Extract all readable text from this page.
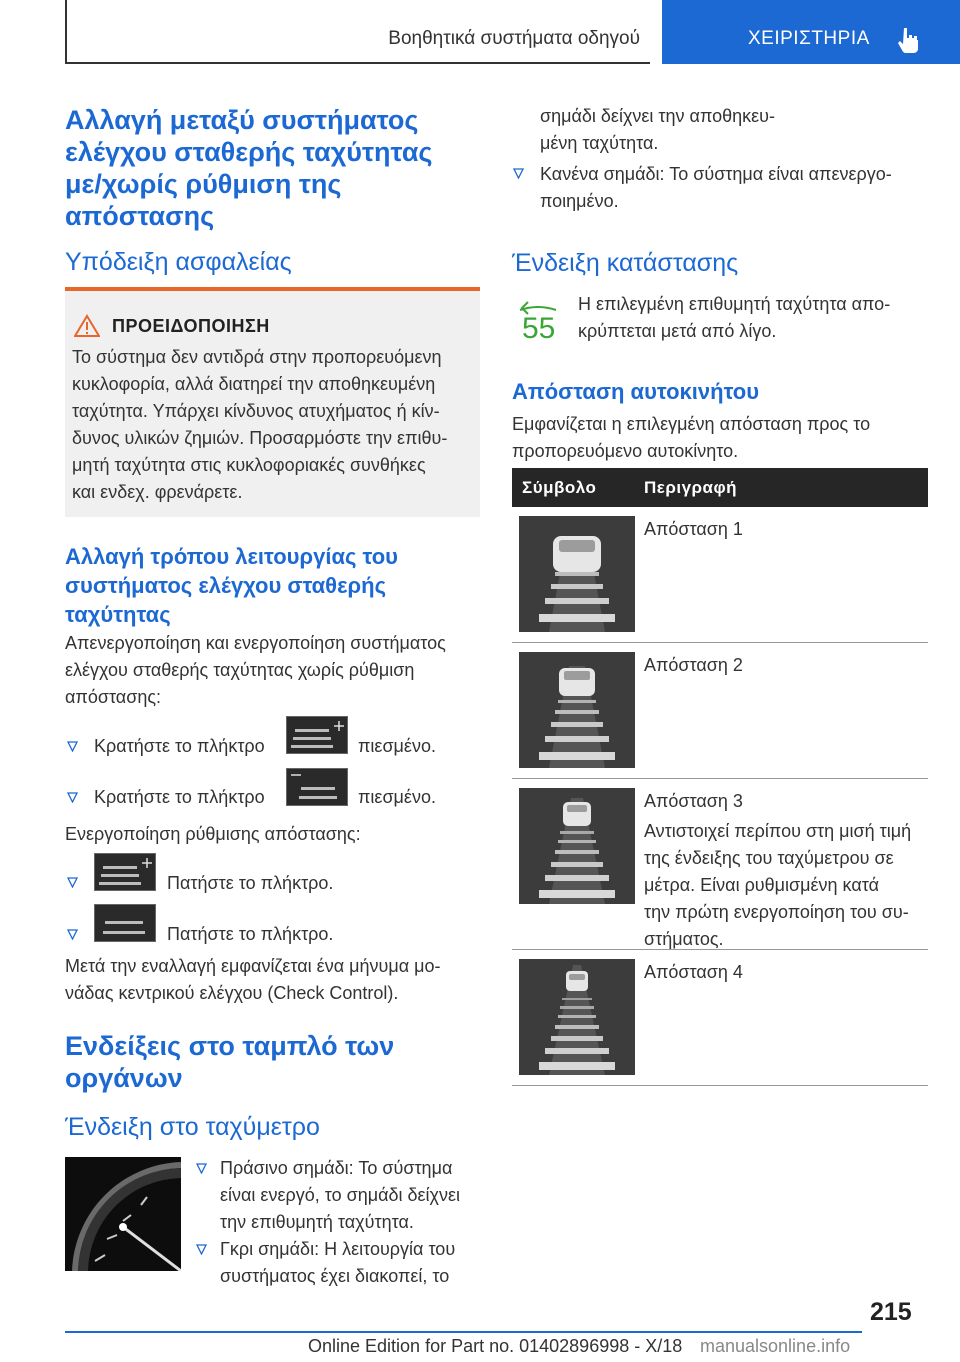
Βοηθητικά συστήματα οδηγού	ΧΕΙΡΙΣΤΗΡΙΑ
Αλλαγή μεταξύ συστήματος
ελέγχου σταθερής ταχύτητας
με/χωρίς ρύθμιση της
απόστασης
Υπόδειξη ασφαλείας
ΠΡΟΕΙΔΟΠΟΙΗΣΗ
Το σύστημα δεν αντιδρά στην προπορευόμενη
κυκλοφορία, αλλά διατηρεί την αποθηκευμένη
ταχύτητα. Υπάρχει κίνδυνος ατυχήματος ή κίν-
δυνος υλικών ζημιών. Προσαρμόστε την επιθυ-
μητή ταχύτητα στις κυκλοφοριακές συνθήκες
και ενδεχ. φρενάρετε.
Αλλαγή τρόπου λειτουργίας του
συστήματος ελέγχου σταθερής
ταχύτητας
Απενεργοποίηση και ενεργοποίηση συστήματος
ελέγχου σταθερής ταχύτητας χωρίς ρύθμιση
απόστασης:
Κρατήστε το πλήκτρο	πιεσμένο.
Κρατήστε το πλήκτρο	πιεσμένο.
Ενεργοποίηση ρύθμισης απόστασης:
Πατήστε το πλήκτρο.
Πατήστε το πλήκτρο.
Μετά την εναλλαγή εμφανίζεται ένα μήνυμα μο-
νάδας κεντρικού ελέγχου (Check Control).
Ενδείξεις στο ταμπλό των
οργάνων
Ένδειξη στο ταχύμετρο
Πράσινο σημάδι: Το σύστημα
είναι ενεργό, το σημάδι δείχνει
την επιθυμητή ταχύτητα.
Γκρι σημάδι: Η λειτουργία του
συστήματος έχει διακοπεί, το
σημάδι δείχνει την αποθηκευ-
μένη ταχύτητα.
Κανένα σημάδι: Το σύστημα είναι απενεργο-
ποιημένο.
Ένδειξη κατάστασης
55
Η επιλεγμένη επιθυμητή ταχύτητα απο-
κρύπτεται μετά από λίγο.
Απόσταση αυτοκινήτου
Εμφανίζεται η επιλεγμένη απόσταση προς το
προπορευόμενο αυτοκίνητο.
Σύμβολο	Περιγραφή
Απόσταση 1
Απόσταση 2
Απόσταση 3
Αντιστοιχεί περίπου στη μισή τιμή
της ένδειξης του ταχύμετρου σε
μέτρα. Είναι ρυθμισμένη κατά
την πρώτη ενεργοποίηση του συ-
στήματος.
Απόσταση 4
215
Online Edition for Part no. 01402896998 - X/18 manualsonline.info
